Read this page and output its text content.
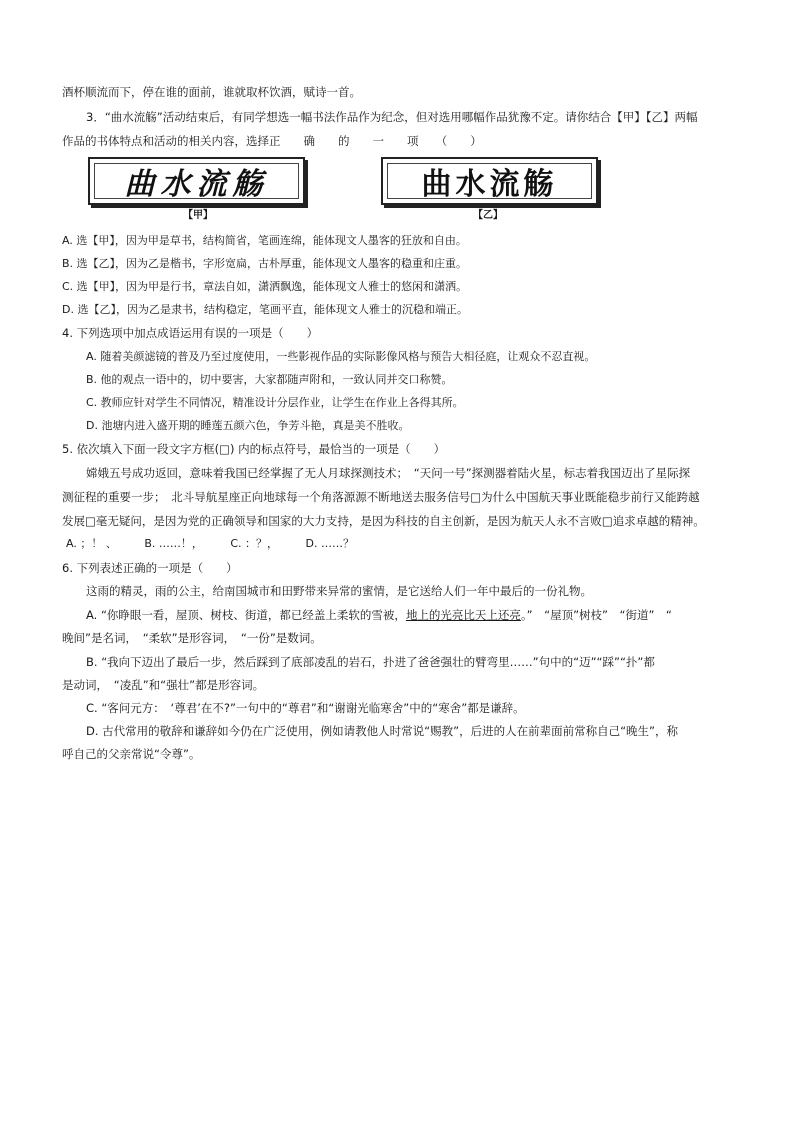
酒杯顺流而下，停在谁的面前，谁就取杯饮酒，赋诗一首。
3．“曲水流觞”活动结束后，有同学想选一幅书法作品作为纪念，但对选用哪幅作品犹豫不定。请你结合【甲】【乙】两幅
作品的书体特点和活动的相关内容，选择正　　确　　的　　一　　项　　（　　）
曲水流觞
【甲】
曲水流觞
【乙】
A. 选【甲】，因为甲是草书，结构简省，笔画连绵，能体现文人墨客的狂放和自由。
B. 选【乙】，因为乙是楷书，字形宽扁，古朴厚重，能体现文人墨客的稳重和庄重。
C. 选【甲】，因为甲是行书，章法自如，潇洒飘逸，能体现文人雅士的悠闲和潇洒。
D. 选【乙】，因为乙是隶书，结构稳定，笔画平直，能体现文人雅士的沉稳和端正。
4. 下列选项中加点成语运用有误的一项是（　　）
A. 随着美颜滤镜的普及乃至过度使用，一些影视作品的实际影像风格与预告大相径庭，让观众不忍直视。
B. 他的观点一语中的，切中要害，大家都随声附和，一致认同并交口称赞。
C. 教师应针对学生不同情况，精准设计分层作业，让学生在作业上各得其所。
D. 池塘内进入盛开期的睡莲五颜六色，争芳斗艳，真是美不胜收。
5. 依次填入下面一段文字方框(□) 内的标点符号，最恰当的一项是（　　）
嫦娥五号成功返回，意味着我国已经掌握了无人月球探测技术；　“天问一号”探测器着陆火星，标志着我国迈出了星际探
测征程的重要一步；　北斗导航星座正向地球每一个角落源源不断地送去服务信号□为什么中国航天事业既能稳步前行又能跨越
发展□毫无疑问，是因为党的正确领导和国家的大力支持，是因为科技的自主创新，是因为航天人永不言败□追求卓越的精神。
A. ；！ 、　　　B. ……！，　　　C. ：？，　　　D. ……？
6. 下列表述正确的一项是（　　）
这雨的精灵，雨的公主，给南国城市和田野带来异常的蜜情，是它送给人们一年中最后的一份礼物。
A. “你睁眼一看，屋顶、树枝、街道，都已经盖上柔软的雪被，地上的光亮比天上还亮。”　“屋顶”树枝”　“街道”　“
晚间”是名词，　“柔软”是形容词，　“一份”是数词。
B. “我向下迈出了最后一步，然后踩到了底部凌乱的岩石，扑进了爸爸强壮的臂弯里……”句中的“迈”“踩”“扑”都
是动词，　“凌乱”和“强壮”都是形容词。
C. “客问元方：　‘尊君’在不?”一句中的“尊君”和“谢谢光临寒舍”中的“寒舍”都是谦辞。
D. 古代常用的敬辞和谦辞如今仍在广泛使用，例如请教他人时常说“赐教”，后进的人在前辈面前常称自己“晚生”，称
呼自己的父亲常说“令尊”。
